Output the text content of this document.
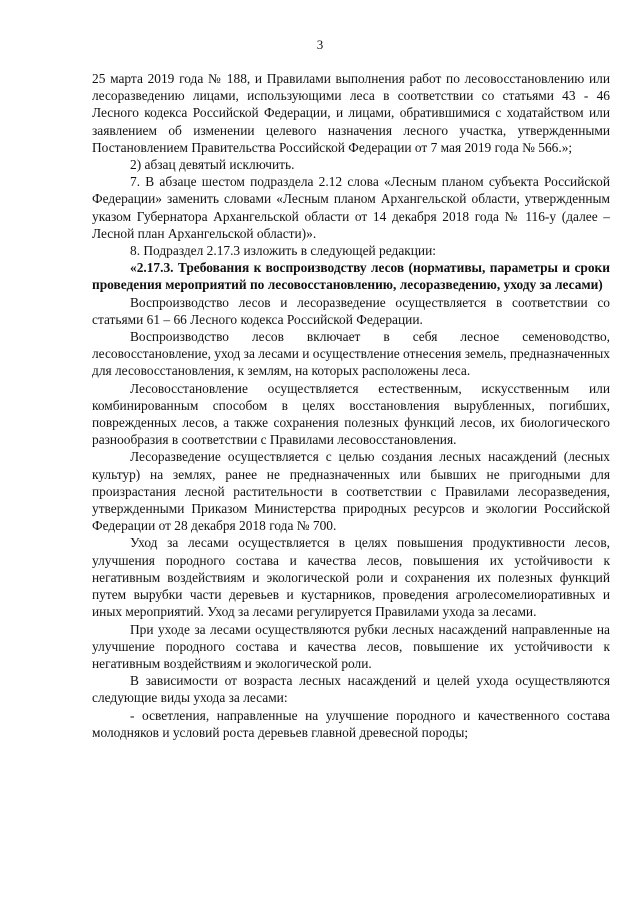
3

25 марта 2019 года № 188, и Правилами выполнения работ по лесовосстановлению или лесоразведению лицами, использующими леса в соответствии со статьями 43 - 46 Лесного кодекса Российской Федерации, и лицами, обратившимися с ходатайством или заявлением об изменении целевого назначения лесного участка, утвержденными Постановлением Правительства Российской Федерации от 7 мая 2019 года № 566.»;

2) абзац девятый исключить.

7. В абзаце шестом подраздела 2.12 слова «Лесным планом субъекта Российской Федерации» заменить словами «Лесным планом Архангельской области, утвержденным указом Губернатора Архангельской области от 14 декабря 2018 года № 116-у (далее – Лесной план Архангельской области)».

8. Подраздел 2.17.3 изложить в следующей редакции:

«2.17.3. Требования к воспроизводству лесов (нормативы, параметры и сроки проведения мероприятий по лесовосстановлению, лесоразведению, уходу за лесами)

Воспроизводство лесов и лесоразведение осуществляется в соответствии со статьями 61 – 66 Лесного кодекса Российской Федерации.

Воспроизводство лесов включает в себя лесное семеноводство, лесовосстановление, уход за лесами и осуществление отнесения земель, предназначенных для лесовосстановления, к землям, на которых расположены леса.

Лесовосстановление осуществляется естественным, искусственным или комбинированным способом в целях восстановления вырубленных, погибших, поврежденных лесов, а также сохранения полезных функций лесов, их биологического разнообразия в соответствии с Правилами лесовосстановления.

Лесоразведение осуществляется с целью создания лесных насаждений (лесных культур) на землях, ранее не предназначенных или бывших не пригодными для произрастания лесной растительности в соответствии с Правилами лесоразведения, утвержденными Приказом Министерства природных ресурсов и экологии Российской Федерации от 28 декабря 2018 года № 700.

Уход за лесами осуществляется в целях повышения продуктивности лесов, улучшения породного состава и качества лесов, повышения их устойчивости к негативным воздействиям и экологической роли и сохранения их полезных функций путем вырубки части деревьев и кустарников, проведения агролесомелиоративных и иных мероприятий. Уход за лесами регулируется Правилами ухода за лесами.

При уходе за лесами осуществляются рубки лесных насаждений направленные на улучшение породного состава и качества лесов, повышение их устойчивости к негативным воздействиям и экологической роли.

В зависимости от возраста лесных насаждений и целей ухода осуществляются следующие виды ухода за лесами:

- осветления, направленные на улучшение породного и качественного состава молодняков и условий роста деревьев главной древесной породы;
